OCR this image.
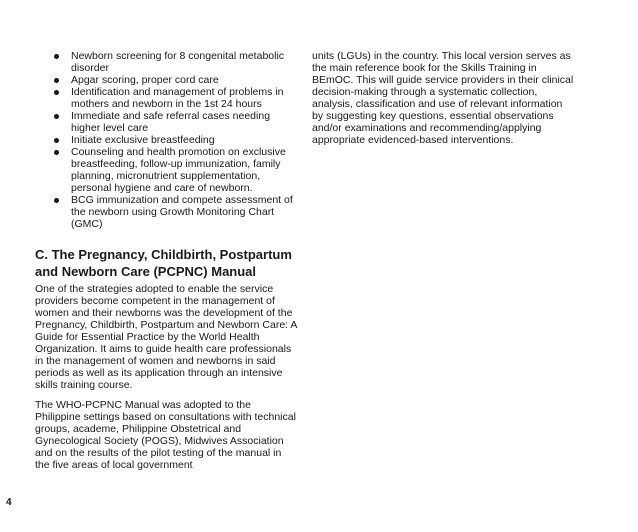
Newborn screening for 8 congenital metabolic disorder
Apgar scoring, proper cord care
Identification and management of problems in mothers and newborn in the 1st 24 hours
Immediate and safe referral cases needing higher level care
Initiate exclusive breastfeeding
Counseling and health promotion on exclusive breastfeeding, follow-up immunization, family planning, micronutrient supplementation, personal hygiene and care of newborn.
BCG immunization and compete assessment of the newborn using Growth Monitoring Chart (GMC)
C. The Pregnancy, Childbirth, Postpartum and Newborn Care (PCPNC) Manual

One of the strategies adopted to enable the service providers become competent in the management of women and their newborns was the development of the Pregnancy, Childbirth, Postpartum and Newborn Care: A Guide for Essential Practice by the World Health Organization. It aims to guide health care professionals in the management of women and newborns in said periods as well as its application through an intensive skills training course.

The WHO-PCPNC Manual was adopted to the Philippine settings based on consultations with technical groups, academe, Philippine Obstetrical and Gynecological Society (POGS), Midwives Association and on the results of the pilot testing of the manual in the five areas of local government

units (LGUs) in the country. This local version serves as the main reference book for the Skills Training in BEmOC. This will guide service providers in their clinical decision-making through a systematic collection, analysis, classification and use of relevant information by suggesting key questions, essential observations and/or examinations and recommending/applying appropriate evidenced-based interventions.

4
